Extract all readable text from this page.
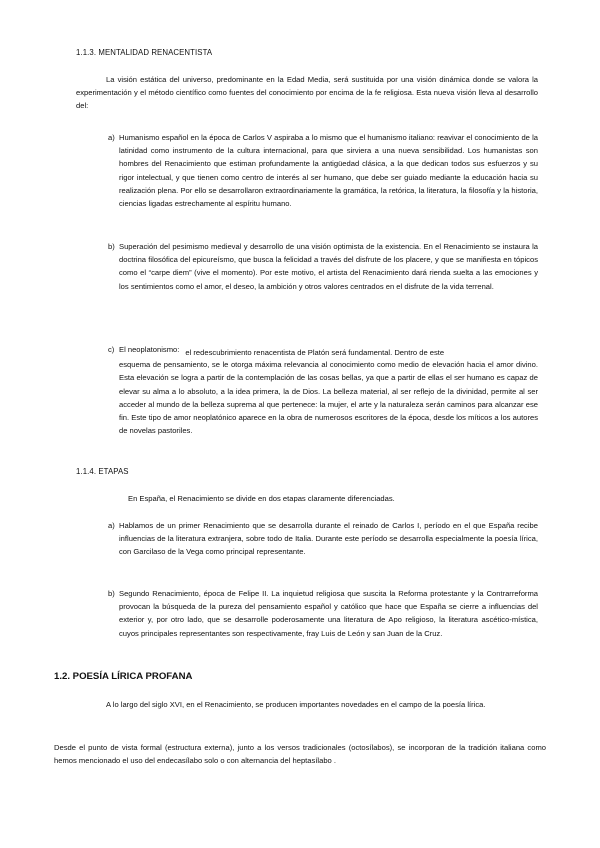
1.1.3. MENTALIDAD RENACENTISTA
La visión estática del universo, predominante en la Edad Media, será sustituida por una visión dinámica donde se valora la experimentación y el método científico como fuentes del conocimiento por encima de la fe religiosa. Esta nueva visión lleva al desarrollo del:
a) Humanismo español en la época de Carlos V aspiraba a lo mismo que el humanismo italiano: reavivar el conocimiento de la latinidad como instrumento de la cultura internacional, para que sirviera a una nueva sensibilidad. Los humanistas son hombres del Renacimiento que estiman profundamente la antigüedad clásica, a la que dedican todos sus esfuerzos y su rigor intelectual, y que tienen como centro de interés al ser humano, que debe ser guiado mediante la educación hacia su realización plena. Por ello se desarrollaron extraordinariamente la gramática, la retórica, la literatura, la filosofía y la historia, ciencias ligadas estrechamente al espíritu humano.
b) Superación del pesimismo medieval y desarrollo de una visión optimista de la existencia. En el Renacimiento se instaura la doctrina filosófica del epicureísmo, que busca la felicidad a través del disfrute de los placere, y que se manifiesta en tópicos como el “carpe diem” (vive el momento). Por este motivo, el artista del Renacimiento dará rienda suelta a las emociones y los sentimientos como el amor, el deseo, la ambición y otros valores centrados en el disfrute de la vida terrenal.
c) El neoplatonismo: el redescubrimiento renacentista de Platón será fundamental. Dentro de este
esquema de pensamiento, se le otorga máxima relevancia al conocimiento como medio de elevación hacia el amor divino. Esta elevación se logra a partir de la contemplación de las cosas bellas, ya que a partir de ellas el ser humano es capaz de elevar su alma a lo absoluto, a la idea primera, la de Dios. La belleza material, al ser reflejo de la divinidad, permite al ser acceder al mundo de la belleza suprema al que pertenece: la mujer, el arte y la naturaleza serán caminos para alcanzar ese fin. Este tipo de amor neoplatónico aparece en la obra de numerosos escritores de la época, desde los míticos a los autores de novelas pastoriles.
1.1.4. ETAPAS
En España, el Renacimiento se divide en dos etapas claramente diferenciadas.
a) Hablamos de un primer Renacimiento que se desarrolla durante el reinado de Carlos I, período en el que España recibe influencias de la literatura extranjera, sobre todo de Italia. Durante este período se desarrolla especialmente la poesía lírica, con Garcilaso de la Vega como principal representante.
b) Segundo Renacimiento, época de Felipe II. La inquietud religiosa que suscita la Reforma protestante y la Contrarreforma provocan la búsqueda de la pureza del pensamiento español y católico que hace que España se cierre a influencias del exterior y, por otro lado, que se desarrolle poderosamente una literatura de Apo religioso, la literatura ascético-mística, cuyos principales representantes son respectivamente, fray Luis de León y san Juan de la Cruz.
1.2. POESÍA LÍRICA PROFANA
A lo largo del siglo XVI, en el Renacimiento, se producen importantes novedades en el campo de la poesía lírica.
Desde el punto de vista formal (estructura externa), junto a los versos tradicionales (octosílabos), se incorporan de la tradición italiana como hemos mencionado el uso del endecasílabo solo o con alternancia del heptasílabo .
